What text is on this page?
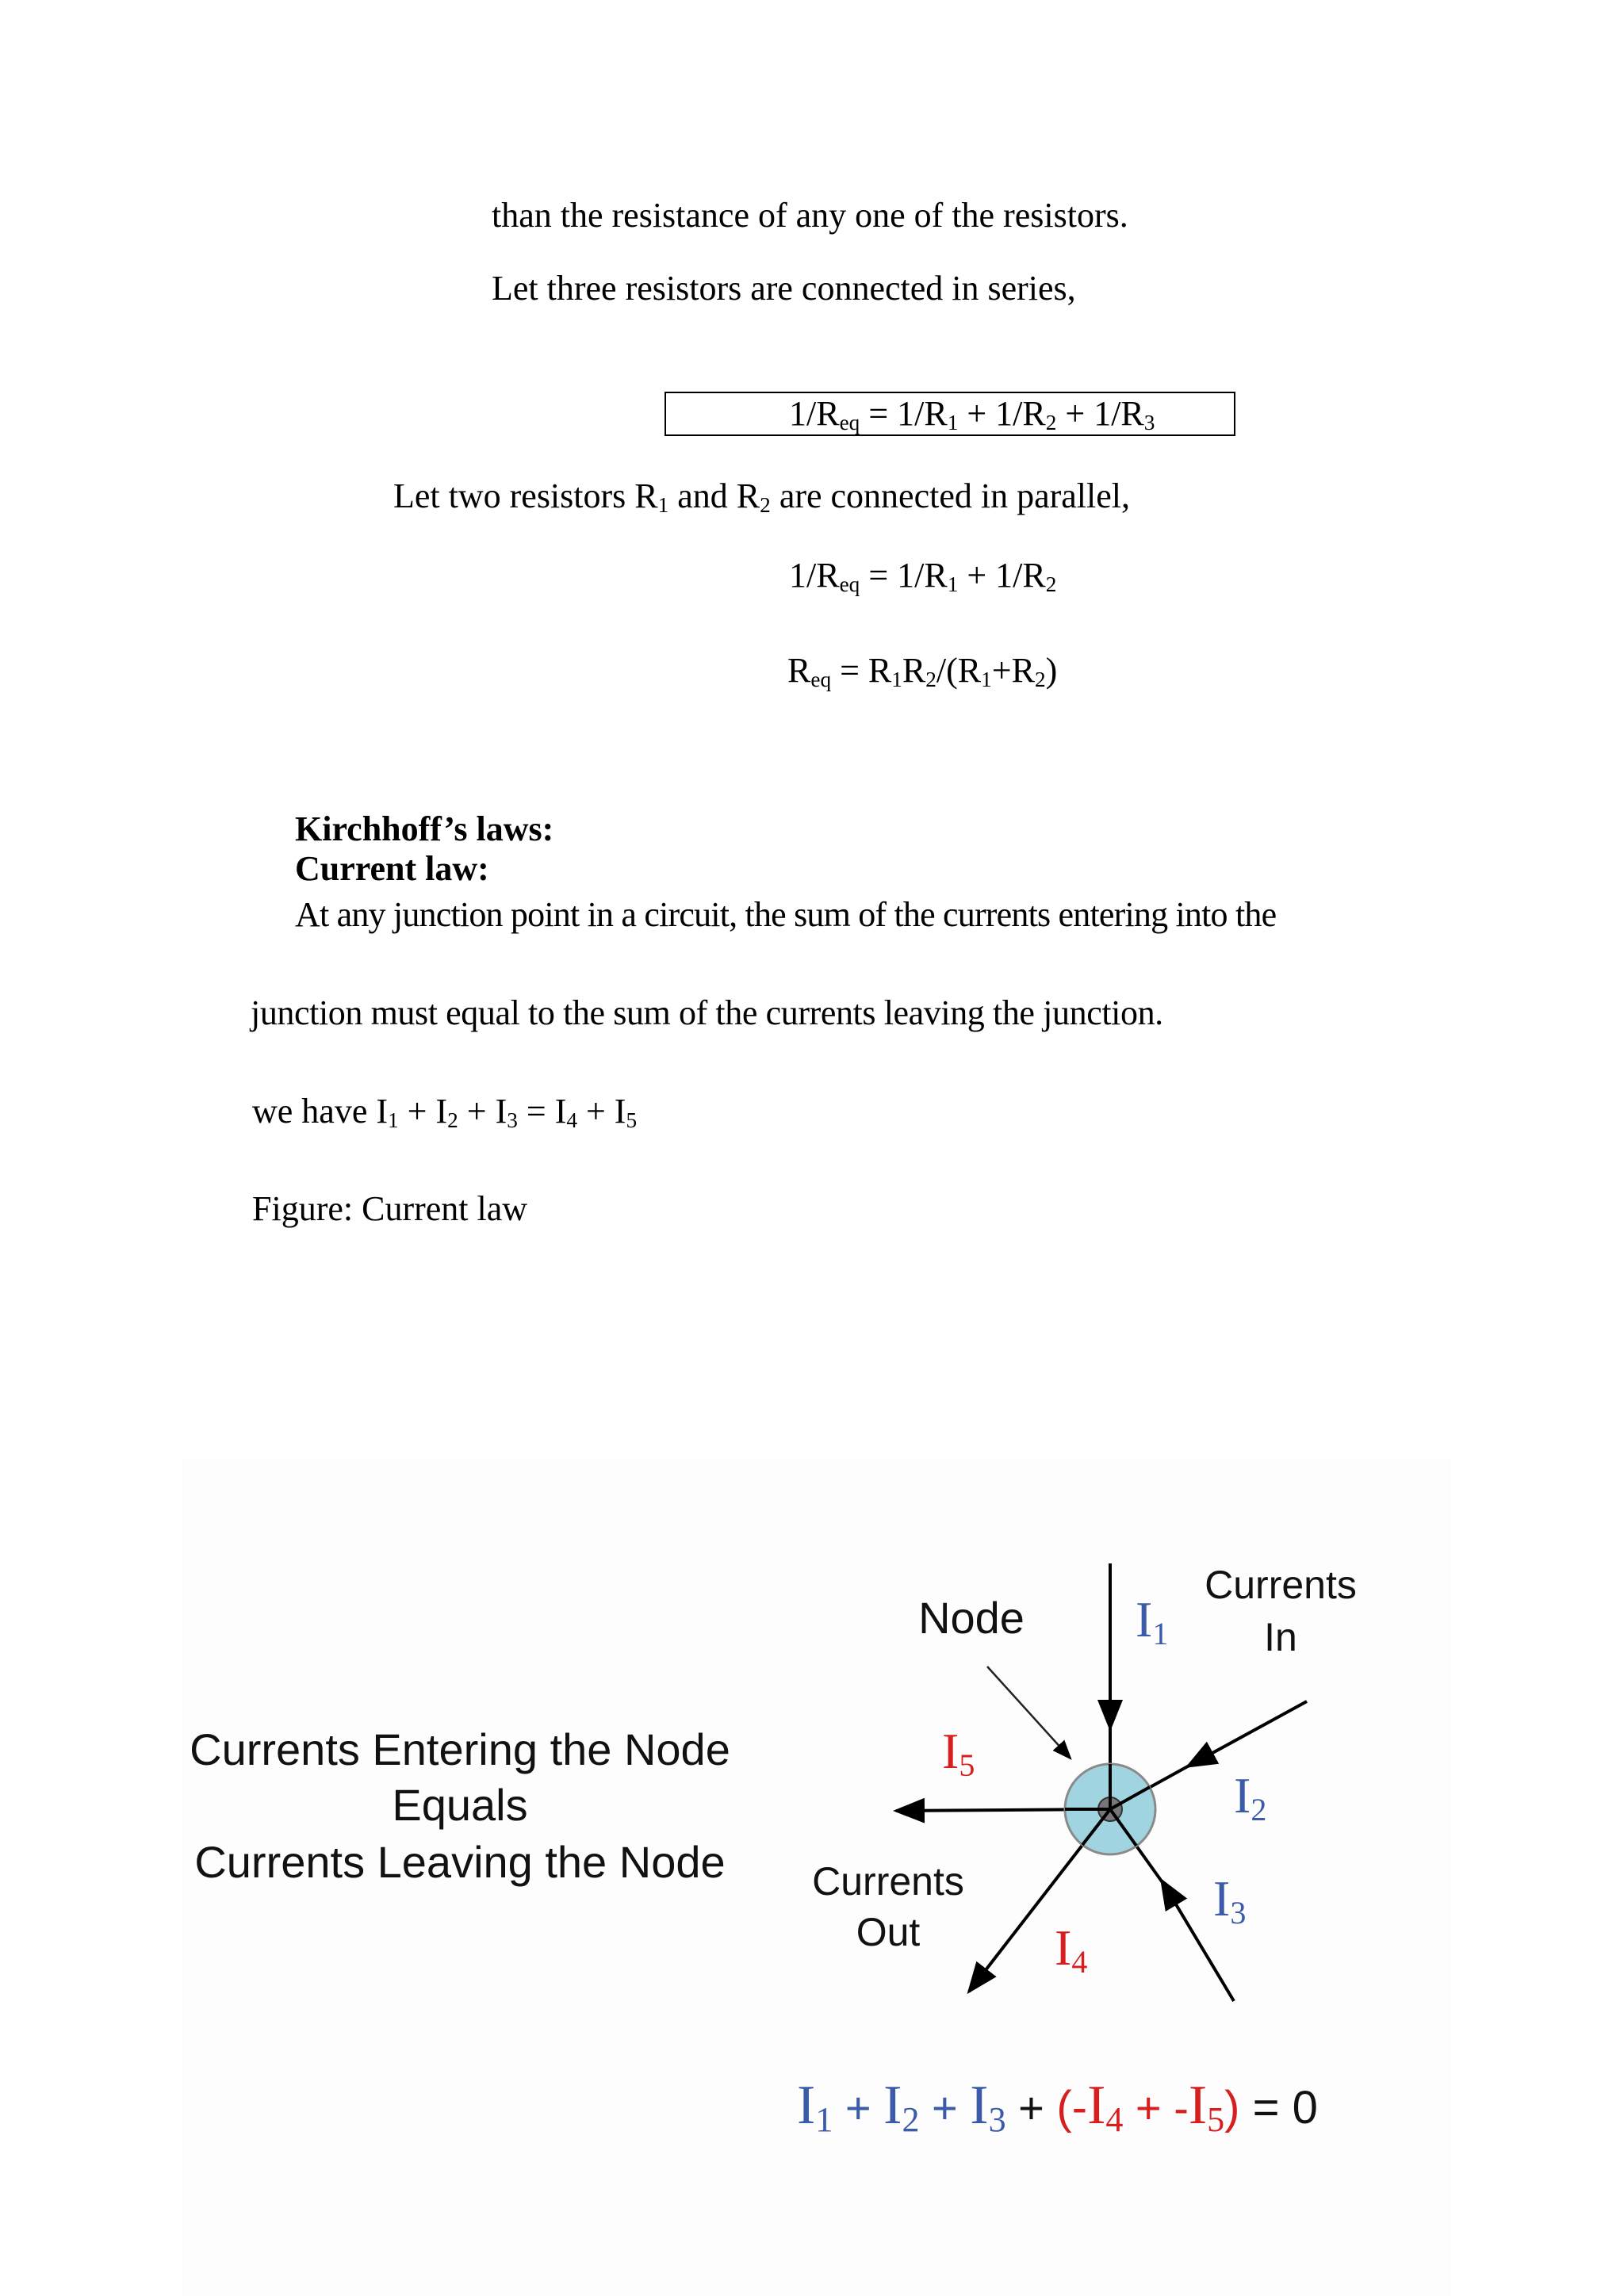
than the resistance of any one of the resistors.
Let three resistors are connected in series,
$1/R_{eq} = 1/R_1 + 1/R_2 + 1/R_3$
Let two resistors $R_1$ and $R_2$ are connected in parallel,
$1/R_{eq} = 1/R_1 + 1/R_2$
$R_{eq} = R_1R_2/(R_1+R_2)$
Kirchhoff’s laws:
Current law:
At any junction point in a circuit, the sum of the currents entering into the
junction must equal to the sum of the currents leaving the junction.
we have $I_1 + I_2 + I_3 = I_4 + I_5$
Figure: Current law
Currents Entering the Node
Equals
Currents Leaving the Node
Node
Currents
In
Currents
Out
I1
I2
I3
I4
I5
I1 + I2 + I3 + (-I4 + -I5) = 0
